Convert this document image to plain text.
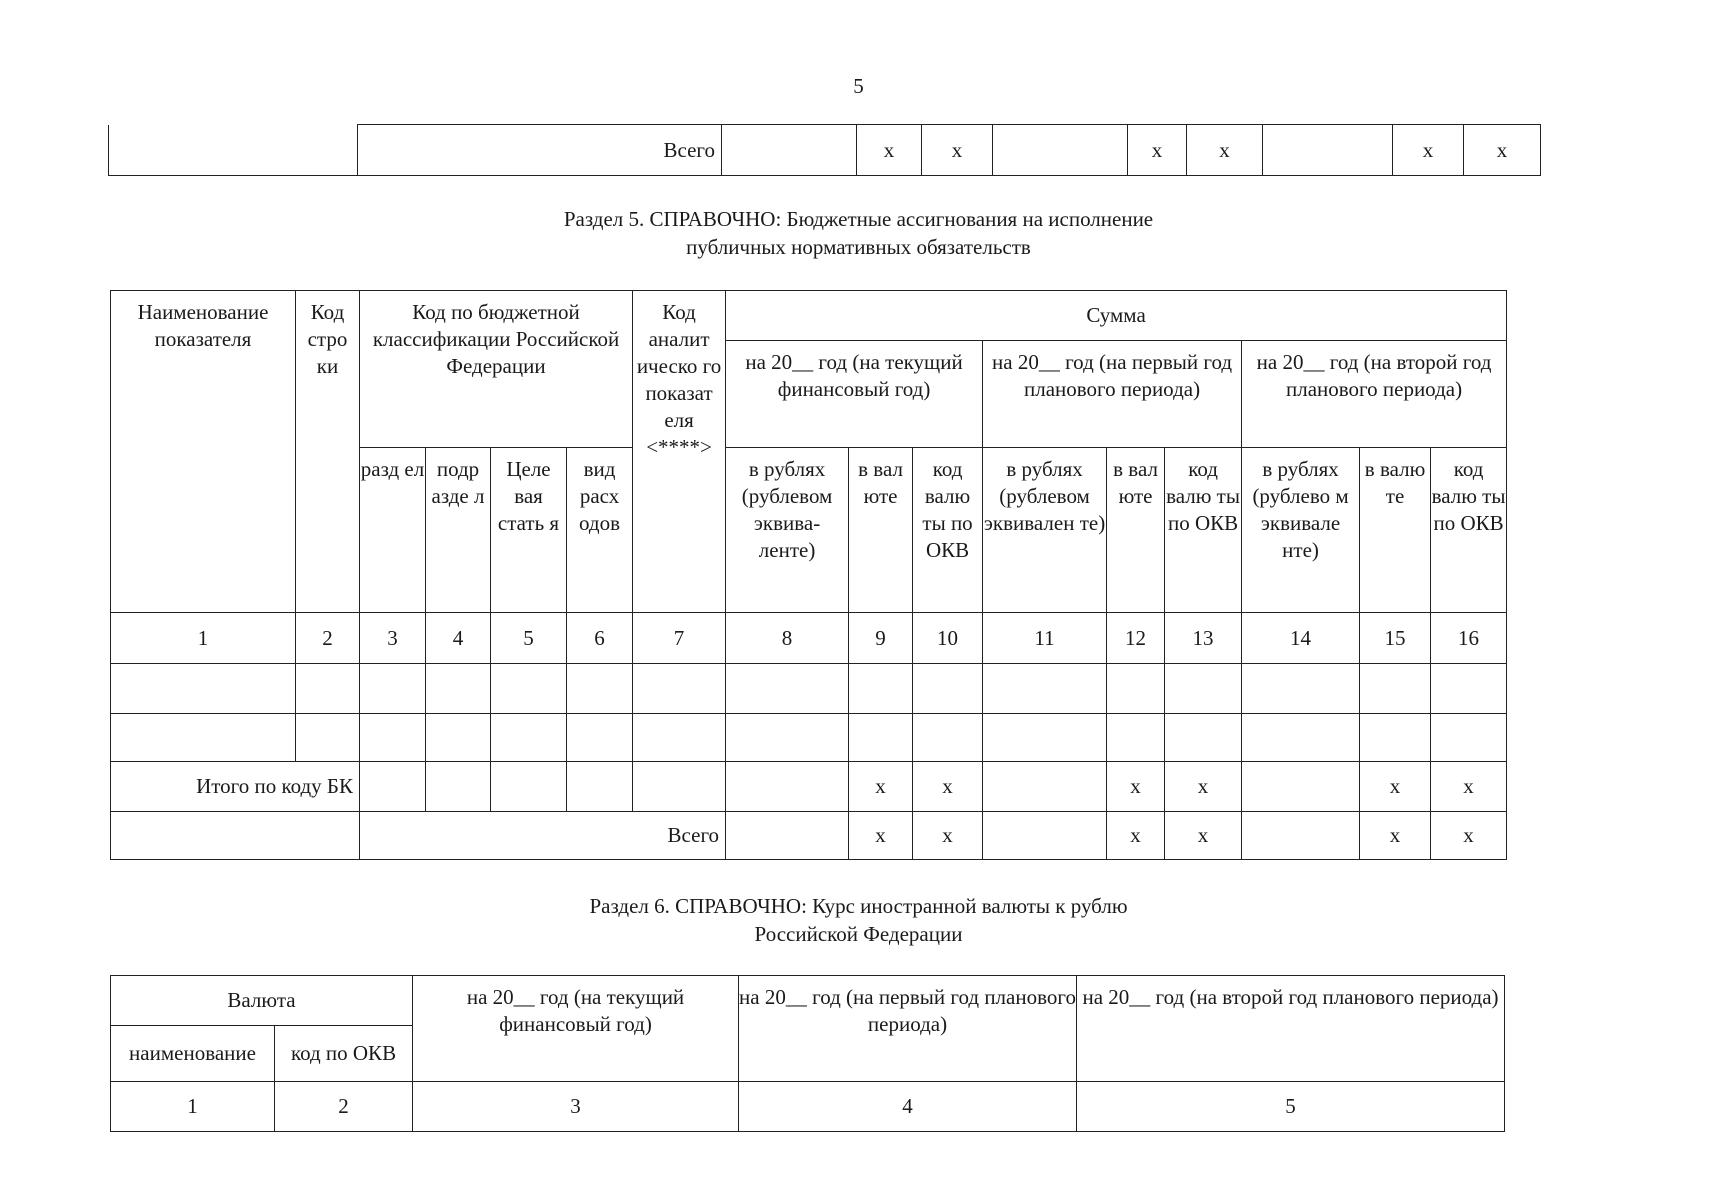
5
	Всего		x	x		x	x		x	x
Раздел 5. СПРАВОЧНО: Бюджетные ассигнования на исполнение
публичных нормативных обязательств
Наименование показателя	Код стро ки	Код по бюджетной классификации Российской Федерации				Код аналит ическо го показат еля <****>	Сумма								
							на 20__ год (на текущий финансовый год)			на 20__ год (на первый год планового периода)			на 20__ год (на второй год планового периода)		
		разд ел	подр азде л	Целе вая стать я	вид расх одов		в рублях (рублевом эквива- ленте)	в вал юте	код валю ты по ОКВ	в рублях (рублевом эквивален те)	в вал юте	код валю ты по ОКВ	в рублях (рублево м эквивале нте)	в валю те	код валю ты по ОКВ
1	2	3	4	5	6	7	8	9	10	11	12	13	14	15	16

Итого по коду БК								x	x		x	x		x	x
		Всего						x	x		x	x		x	x
Раздел 6. СПРАВОЧНО: Курс иностранной валюты к рублю
Российской Федерации
Валюта		на 20__ год (на текущий финансовый год)	на 20__ год (на первый год планового периода)	на 20__ год (на второй год планового периода)
наименование	код по ОКВ			
1	2	3	4	5
